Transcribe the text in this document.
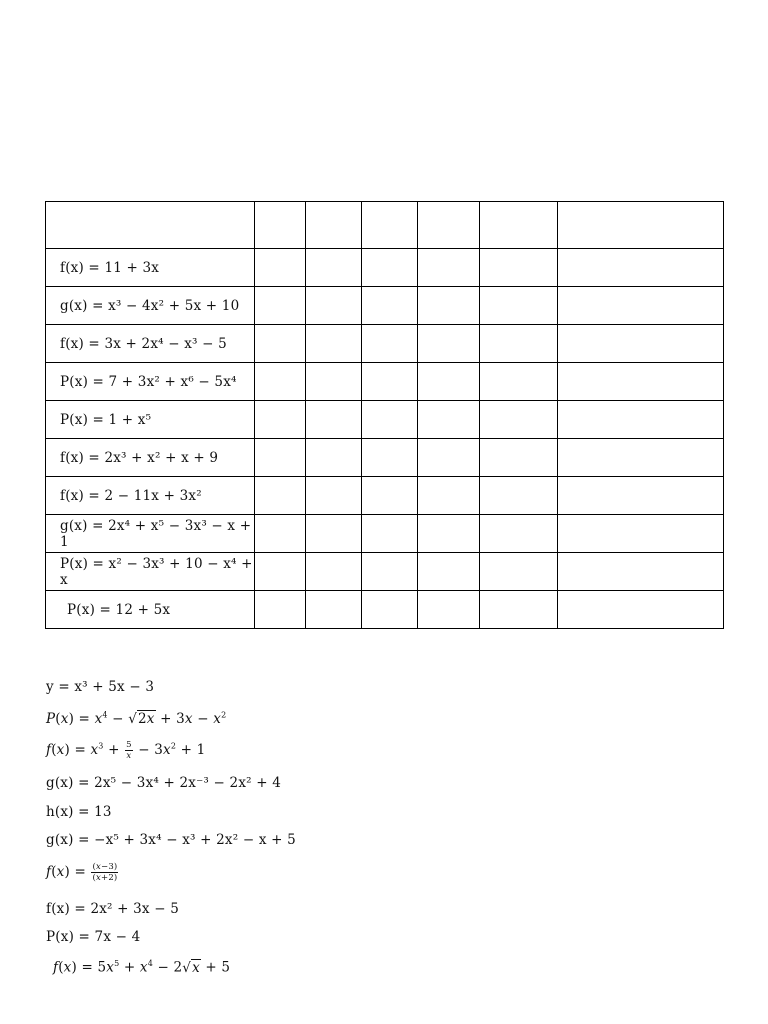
f(x) = 11 + 3x						
g(x) = x³ − 4x² + 5x + 10						
f(x) = 3x + 2x⁴ − x³ − 5						
P(x) = 7 + 3x² + x⁶ − 5x⁴						
P(x) = 1 + x⁵						
f(x) = 2x³ + x² + x + 9						
f(x) = 2 − 11x + 3x²						
g(x) = 2x⁴ + x⁵ − 3x³ − x + 1						
P(x) = x² − 3x³ + 10 − x⁴ + x						
P(x) = 12 + 5x						
y = x³ + 5x − 3
$P(x) = x^4 - √2x + 3x - x^2$
$f(x) = x^3 + \frac{5}{x} - 3x^2 + 1$
g(x) = 2x⁵ − 3x⁴ + 2x⁻³ − 2x² + 4
h(x) = 13
g(x) = −x⁵ + 3x⁴ − x³ + 2x² − x + 5
$f(x) = \frac{(x-3)}{(x+2)}$
f(x) = 2x² + 3x − 5
P(x) = 7x − 4
$f(x) = 5x^5 + x^4 - 2√x + 5$
